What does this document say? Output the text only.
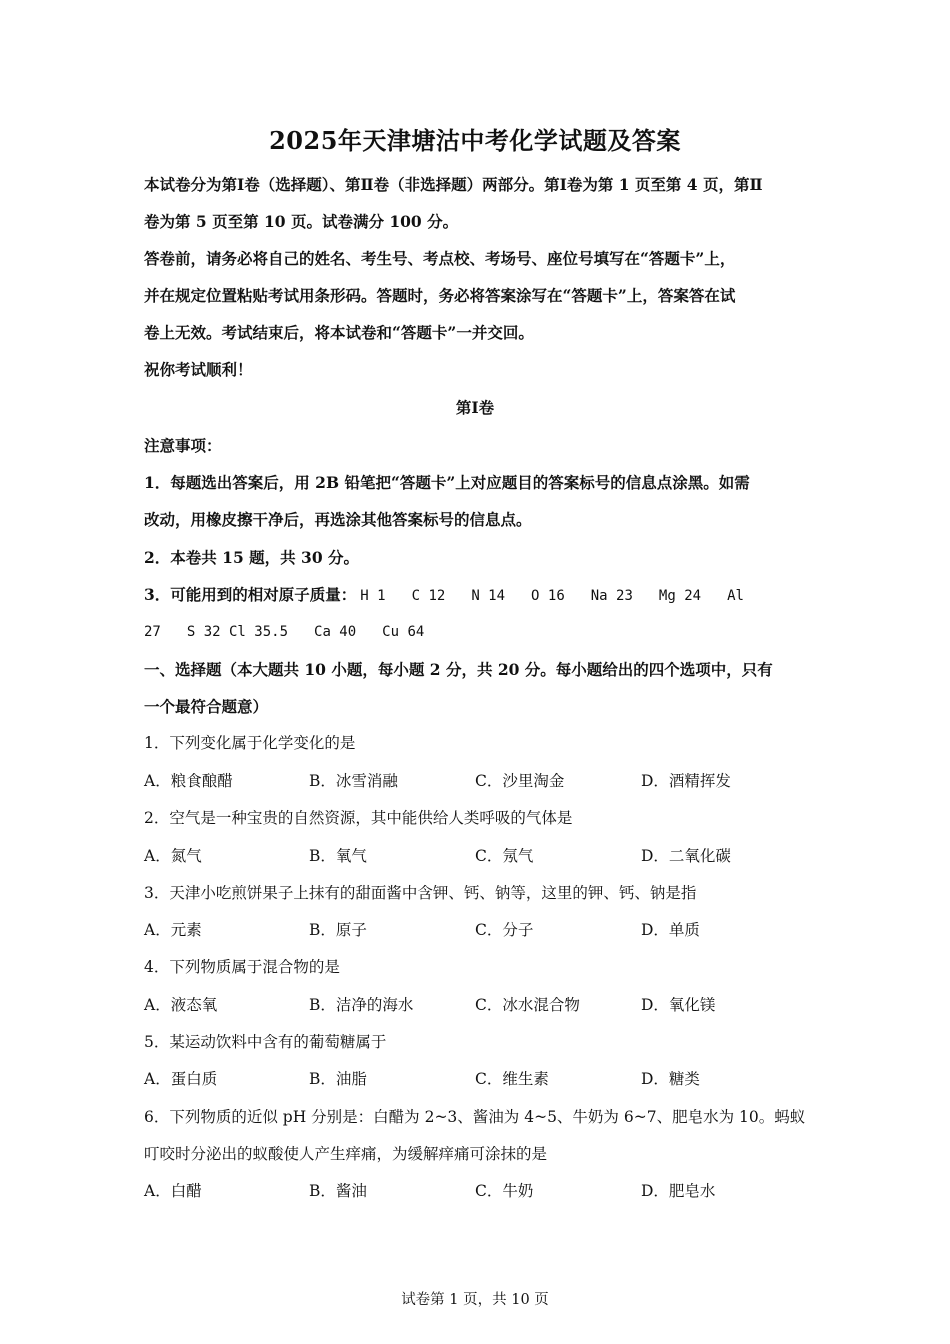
2025年天津塘沽中考化学试题及答案
本试卷分为第Ⅰ卷（选择题）、第Ⅱ卷（非选择题）两部分。第Ⅰ卷为第 1 页至第 4 页，第Ⅱ
卷为第 5 页至第 10 页。试卷满分 100 分。
答卷前，请务必将自己的姓名、考生号、考点校、考场号、座位号填写在“答题卡”上，
并在规定位置粘贴考试用条形码。答题时，务必将答案涂写在“答题卡”上，答案答在试
卷上无效。考试结束后，将本试卷和“答题卡”一并交回。
祝你考试顺利！
第Ⅰ卷
注意事项：
1．每题选出答案后，用 2B 铅笔把“答题卡”上对应题目的答案标号的信息点涂黑。如需
改动，用橡皮擦干净后，再选涂其他答案标号的信息点。
2．本卷共 15 题，共 30 分。
3．可能用到的相对原子质量： H 1 C 12 N 14 O 16 Na 23 Mg 24 Al
27 S 32 Cl 35.5 Ca 40 Cu 64
一、选择题（本大题共 10 小题，每小题 2 分，共 20 分。每小题给出的四个选项中，只有
一个最符合题意）
1．下列变化属于化学变化的是
A．粮食酿醋	B．冰雪消融	C．沙里淘金	D．酒精挥发
2．空气是一种宝贵的自然资源，其中能供给人类呼吸的气体是
A．氮气	B．氧气	C．氖气	D．二氧化碳
3．天津小吃煎饼果子上抹有的甜面酱中含钾、钙、钠等，这里的钾、钙、钠是指
A．元素	B．原子	C．分子	D．单质
4．下列物质属于混合物的是
A．液态氧	B．洁净的海水	C．冰水混合物	D．氧化镁
5．某运动饮料中含有的葡萄糖属于
A．蛋白质	B．油脂	C．维生素	D．糖类
6．下列物质的近似 pH 分别是：白醋为 2~3、酱油为 4~5、牛奶为 6~7、肥皂水为 10。蚂蚁
叮咬时分泌出的蚁酸使人产生痒痛，为缓解痒痛可涂抹的是
A．白醋	B．酱油	C．牛奶	D．肥皂水
试卷第 1 页，共 10 页
